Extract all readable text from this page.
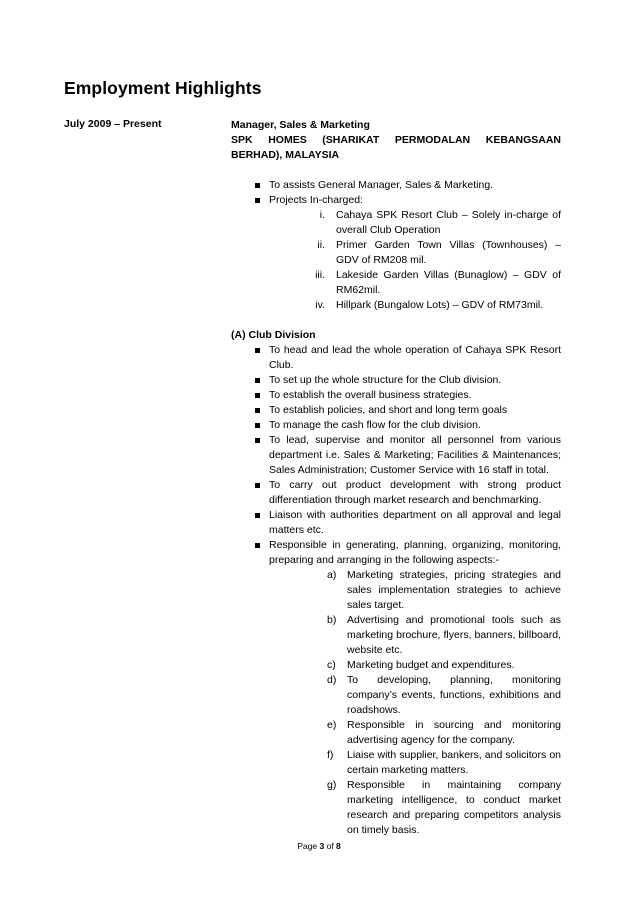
Employment Highlights
July 2009 – Present	Manager, Sales & Marketing
SPK HOMES (SHARIKAT PERMODALAN KEBANGSAAN BERHAD), MALAYSIA
To assists General Manager, Sales & Marketing.
Projects In-charged:
i. Cahaya SPK Resort Club – Solely in-charge of overall Club Operation
ii. Primer Garden Town Villas (Townhouses) – GDV of RM208 mil.
iii. Lakeside Garden Villas (Bunaglow) – GDV of RM62mil.
iv. Hillpark (Bungalow Lots) – GDV of RM73mil.
(A) Club Division
To head and lead the whole operation of Cahaya SPK Resort Club.
To set up the whole structure for the Club division.
To establish the overall business strategies.
To establish policies, and short and long term goals
To manage the cash flow for the club division.
To lead, supervise and monitor all personnel from various department i.e. Sales & Marketing; Facilities & Maintenances; Sales Administration; Customer Service with 16 staff in total.
To carry out product development with strong product differentiation through market research and benchmarking.
Liaison with authorities department on all approval and legal matters etc.
Responsible in generating, planning, organizing, monitoring, preparing and arranging in the following aspects:-
a) Marketing strategies, pricing strategies and sales implementation strategies to achieve sales target.
b) Advertising and promotional tools such as marketing brochure, flyers, banners, billboard, website etc.
c) Marketing budget and expenditures.
d) To developing, planning, monitoring company’s events, functions, exhibitions and roadshows.
e) Responsible in sourcing and monitoring advertising agency for the company.
f) Liaise with supplier, bankers, and solicitors on certain marketing matters.
g) Responsible in maintaining company marketing intelligence, to conduct market research and preparing competitors analysis on timely basis.
Page 3 of 8
